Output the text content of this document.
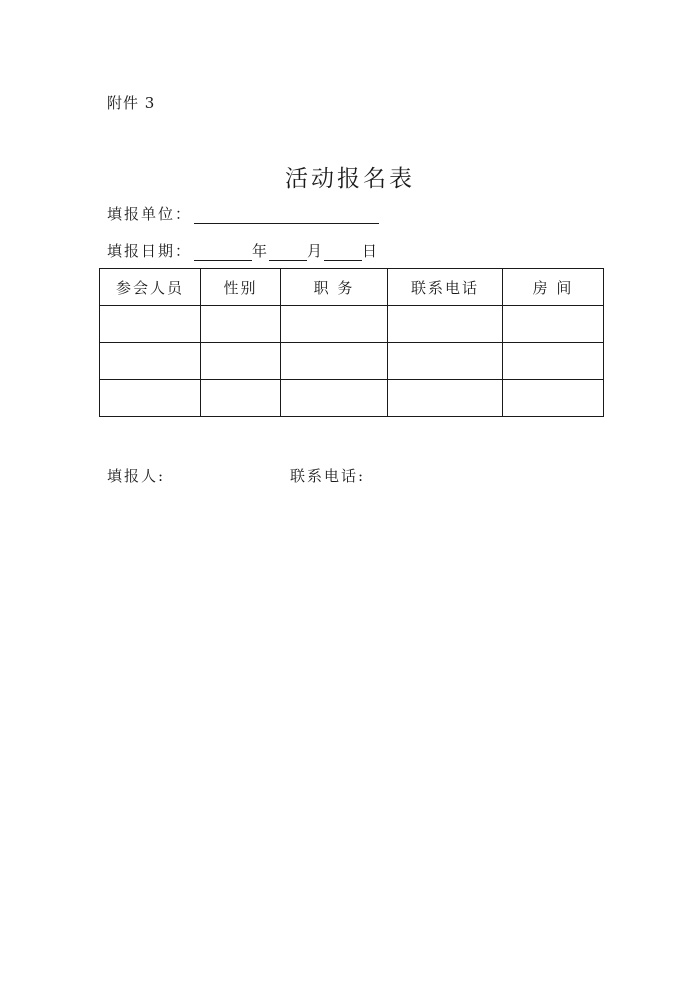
附件 3
活动报名表
填报单位：
填报日期：	年	月	日
参会人员	性别	职 务	联系电话	房 间

填报人:	联系电话:
